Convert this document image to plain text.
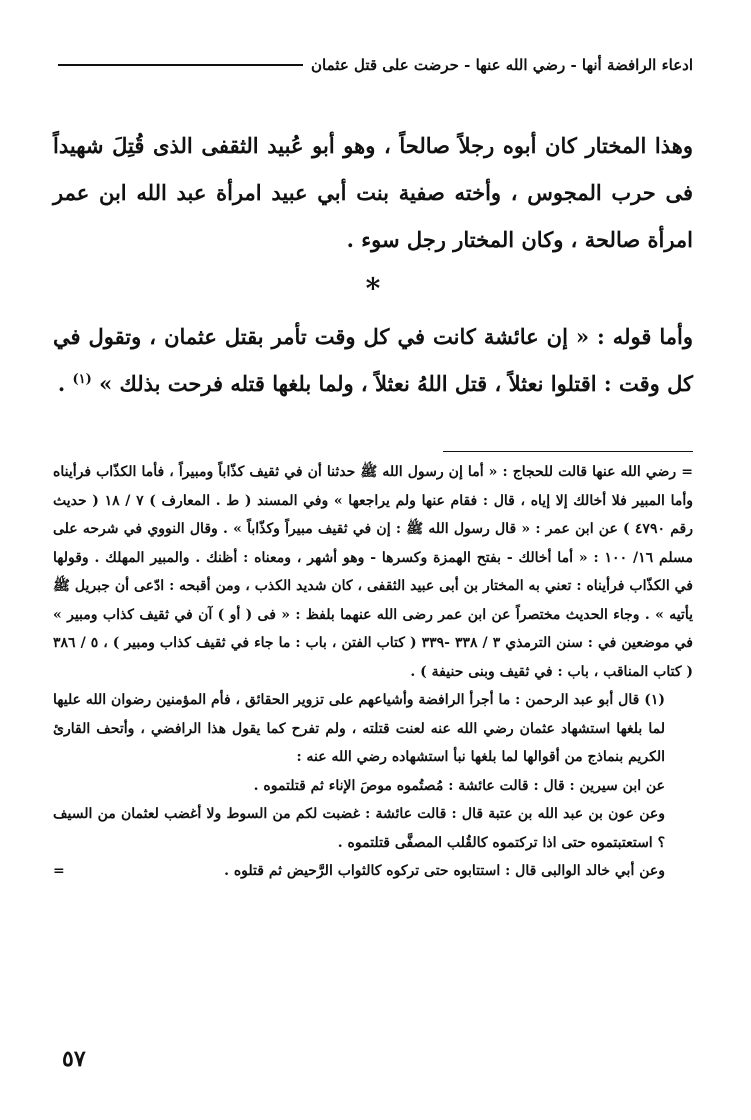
ادعاء الرافضة أنها - رضي الله عنها - حرضت على قتل عثمان

وهذا المختار كان أبوه رجلاً صالحاً ، وهو أبو عُبيد الثقفى الذى قُتِلَ شهيداً فى حرب المجوس ، وأخته صفية بنت أبي عبيد امرأة عبد الله ابن عمر امرأة صالحة ، وكان المختار رجل سوء .

*

وأما قوله : « إن عائشة كانت في كل وقت تأمر بقتل عثمان ، وتقول في كل وقت : اقتلوا نعثلاً ، قتل اللهُ نعثلاً ، ولما بلغها قتله فرحت بذلك » $^{(١)}$ .

= رضي الله عنها قالت للحجاج : « أما إن رسول الله ﷺ حدثنا أن في ثقيف كذّاباً ومبيراً ، فأما الكذّاب فرأيناه وأما المبير فلا أخالك إلا إياه ، قال : فقام عنها ولم يراجعها » وفي المسند ( ط . المعارف ) ٧ / ١٨ ( حديث رقم ٤٧٩٠ ) عن ابن عمر : « قال رسول الله ﷺ : إن في ثقيف مبيراً وكذّاباً » . وقال النووي في شرحه على مسلم ١٦/ ١٠٠ : « أما أخالك - بفتح الهمزة وكسرها - وهو أشهر ، ومعناه : أظنك . والمبير المهلك . وقولها في الكذّاب فرأيناه : تعني به المختار بن أبى عبيد الثقفى ، كان شديد الكذب ، ومن أقبحه : ادّعى أن جبريل ﷺ يأتيه » . وجاء الحديث مختصراً عن ابن عمر رضى الله عنهما بلفظ : « فى ( أو ) آن في ثقيف كذاب ومبير » في موضعين في : سنن الترمذي ٣ / ٣٣٨ -٣٣٩ ( كتاب الفتن ، باب : ما جاء في ثقيف كذاب ومبير ) ، ٥ / ٣٨٦ ( كتاب المناقب ، باب : في ثقيف وبنى حنيفة ) .

(١) قال أبو عبد الرحمن : ما أجرأ الرافضة وأشياعهم على تزوير الحقائق ، فأم المؤمنين رضوان الله عليها لما بلغها استشهاد عثمان رضي الله عنه لعنت قتلته ، ولم تفرح كما يقول هذا الرافضي ، وأتحف القارئ الكريم بنماذج من أقوالها لما بلغها نبأ استشهاده رضي الله عنه :

عن ابن سيرين : قال : قالت عائشة : مُصتُموه موصَ الإناء ثم قتلتموه .

وعن عون بن عبد الله بن عتبة قال : قالت عائشة : غضبت لكم من السوط ولا أغضب لعثمان من السيف ؟ استعتبتموه حتى اذا تركتموه كالقُلب المصفَّى قتلتموه .

وعن أبي خالد الوالبى قال : استتابوه حتى تركوه كالثواب الرَّحيض ثم قتلوه .
=

٥٧
